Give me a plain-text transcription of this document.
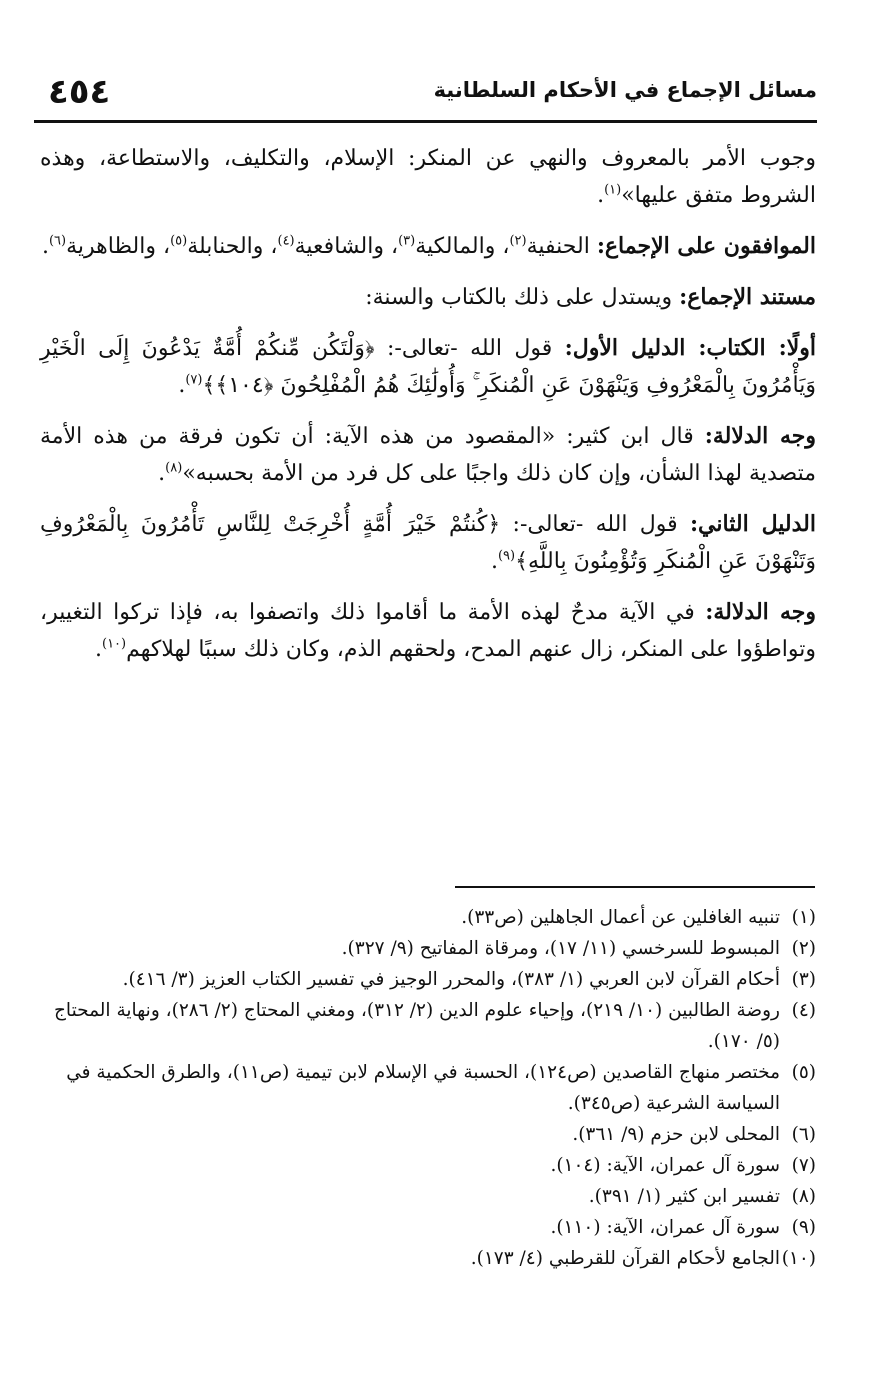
مسائل الإجماع في الأحكام السلطانية
٤٥٤

وجوب الأمر بالمعروف والنهي عن المنكر: الإسلام، والتكليف، والاستطاعة، وهذه الشروط متفق عليها»$^{(١)}$.

الموافقون على الإجماع: الحنفية$^{(٢)}$، والمالكية$^{(٣)}$، والشافعية$^{(٤)}$، والحنابلة$^{(٥)}$، والظاهرية$^{(٦)}$.

مستند الإجماع: ويستدل على ذلك بالكتاب والسنة:

أولًا: الكتاب: الدليل الأول: قول الله -تعالى-: ﴿وَلْتَكُن مِّنكُمْ أُمَّةٌ يَدْعُونَ إِلَى الْخَيْرِ وَيَأْمُرُونَ بِالْمَعْرُوفِ وَيَنْهَوْنَ عَنِ الْمُنكَرِ ۚ وَأُولَٰئِكَ هُمُ الْمُفْلِحُونَ ﴿١٠٤﴾﴾$^{(٧)}$.

وجه الدلالة: قال ابن كثير: «المقصود من هذه الآية: أن تكون فرقة من هذه الأمة متصدية لهذا الشأن، وإن كان ذلك واجبًا على كل فرد من الأمة بحسبه»$^{(٨)}$.

الدليل الثاني: قول الله -تعالى-: ﴿كُنتُمْ خَيْرَ أُمَّةٍ أُخْرِجَتْ لِلنَّاسِ تَأْمُرُونَ بِالْمَعْرُوفِ وَتَنْهَوْنَ عَنِ الْمُنكَرِ وَتُؤْمِنُونَ بِاللَّهِ﴾$^{(٩)}$.

وجه الدلالة: في الآية مدحٌ لهذه الأمة ما أقاموا ذلك واتصفوا به، فإذا تركوا التغيير، وتواطؤوا على المنكر، زال عنهم المدح، ولحقهم الذم، وكان ذلك سببًا لهلاكهم$^{(١٠)}$.

(١)
تنبيه الغافلين عن أعمال الجاهلين (ص٣٣).
(٢)
المبسوط للسرخسي (١١/ ١٧)، ومرقاة المفاتيح (٩/ ٣٢٧).
(٣)
أحكام القرآن لابن العربي (١/ ٣٨٣)، والمحرر الوجيز في تفسير الكتاب العزيز (٣/ ٤١٦).
(٤)
روضة الطالبين (١٠/ ٢١٩)، وإحياء علوم الدين (٢/ ٣١٢)، ومغني المحتاج (٢/ ٢٨٦)، ونهاية المحتاج (٥/ ١٧٠).
(٥)
مختصر منهاج القاصدين (ص١٢٤)، الحسبة في الإسلام لابن تيمية (ص١١)، والطرق الحكمية في السياسة الشرعية (ص٣٤٥).
(٦)
المحلى لابن حزم (٩/ ٣٦١).
(٧)
سورة آل عمران، الآية: (١٠٤).
(٨)
تفسير ابن كثير (١/ ٣٩١).
(٩)
سورة آل عمران، الآية: (١١٠).
(١٠)
الجامع لأحكام القرآن للقرطبي (٤/ ١٧٣).
